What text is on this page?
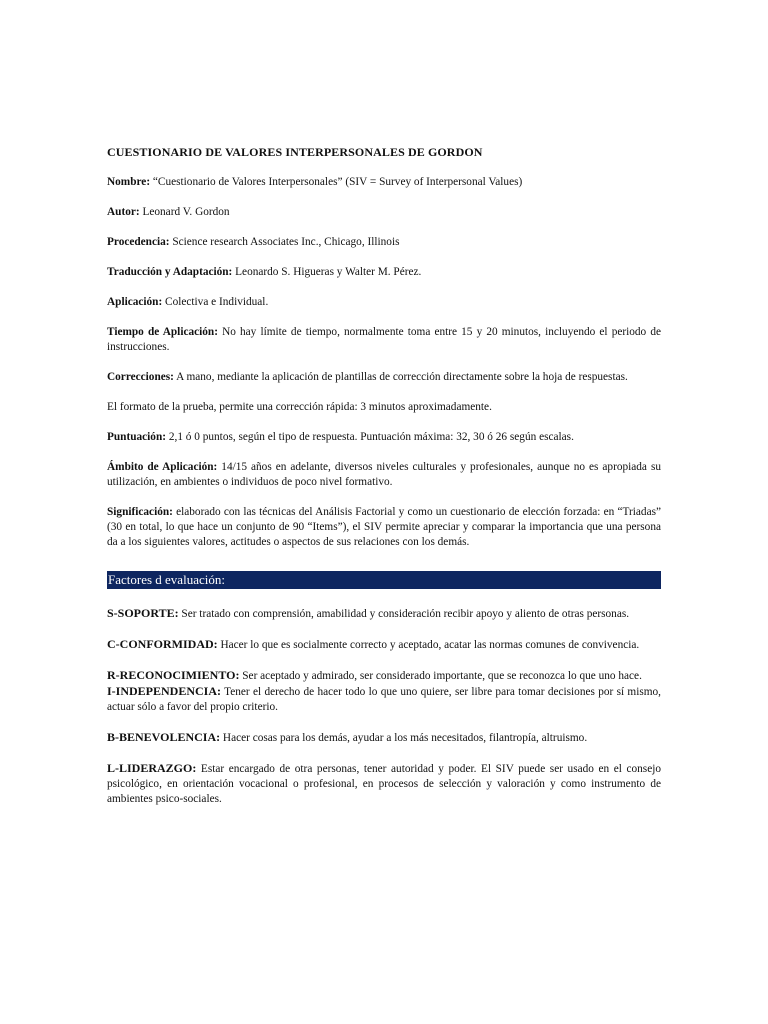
CUESTIONARIO DE VALORES INTERPERSONALES DE GORDON
Nombre: “Cuestionario de Valores Interpersonales” (SIV = Survey of Interpersonal Values)
Autor: Leonard V. Gordon
Procedencia: Science research Associates Inc., Chicago, Illinois
Traducción y Adaptación: Leonardo S. Higueras y Walter M. Pérez.
Aplicación: Colectiva e Individual.
Tiempo de Aplicación: No hay límite de tiempo, normalmente toma entre 15 y 20 minutos, incluyendo el periodo de instrucciones.
Correcciones: A mano, mediante la aplicación de plantillas de corrección directamente sobre la hoja de respuestas.
El formato de la prueba, permite una corrección rápida: 3 minutos aproximadamente.
Puntuación: 2,1 ó 0 puntos, según el tipo de respuesta. Puntuación máxima: 32, 30 ó 26 según escalas.
Ámbito de Aplicación: 14/15 años en adelante, diversos niveles culturales y profesionales, aunque no es apropiada su utilización, en ambientes o individuos de poco nivel formativo.
Significación: elaborado con las técnicas del Análisis Factorial y como un cuestionario de elección forzada: en “Triadas” (30 en total, lo que hace un conjunto de 90 “Items”), el SIV permite apreciar y comparar la importancia que una persona da a los siguientes valores, actitudes o aspectos de sus relaciones con los demás.
Factores d evaluación:
S-SOPORTE: Ser tratado con comprensión, amabilidad y consideración recibir apoyo y aliento de otras personas.
C-CONFORMIDAD: Hacer lo que es socialmente correcto y aceptado, acatar las normas comunes de convivencia.
R-RECONOCIMIENTO: Ser aceptado y admirado, ser considerado importante, que se reconozca lo que uno hace.
I-INDEPENDENCIA: Tener el derecho de hacer todo lo que uno quiere, ser libre para tomar decisiones por sí mismo, actuar sólo a favor del propio criterio.
B-BENEVOLENCIA: Hacer cosas para los demás, ayudar a los más necesitados, filantropía, altruismo.
L-LIDERAZGO: Estar encargado de otra personas, tener autoridad y poder. El SIV puede ser usado en el consejo psicológico, en orientación vocacional o profesional, en procesos de selección y valoración y como instrumento de ambientes psico-sociales.
